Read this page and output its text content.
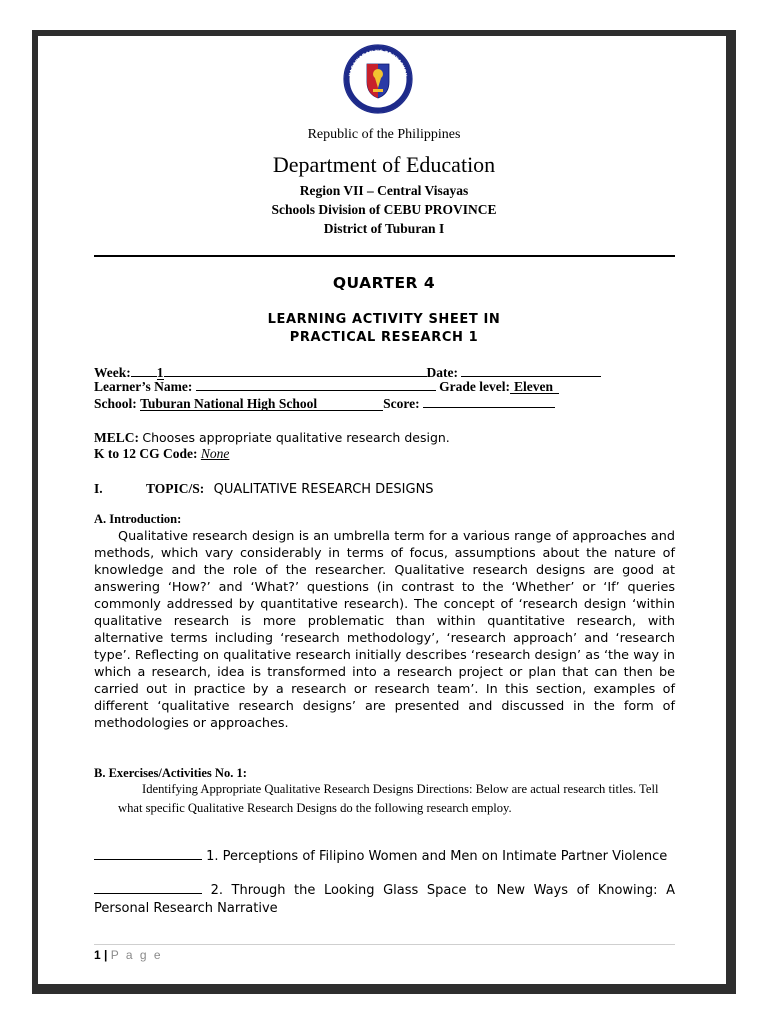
KAGAWARAN NG EDUKASYON
REPUBLIKA NG PILIPINAS
Republic of the Philippines
Department of Education
Region VII – Central Visayas
Schools Division of CEBU PROVINCE
District of Tuburan I
QUARTER 4
LEARNING ACTIVITY SHEET IN
PRACTICAL RESEARCH 1
Week: 1	Date:
Learner’s Name:	Grade level: Eleven
School: Tuburan National High School	Score:
MELC: Chooses appropriate qualitative research design.
K to 12 CG Code: None
I.	TOPIC/S: QUALITATIVE RESEARCH DESIGNS
A. Introduction:
Qualitative research design is an umbrella term for a various range of approaches and methods, which vary considerably in terms of focus, assumptions about the nature of knowledge and the role of the researcher. Qualitative research designs are good at answering ‘How?’ and ‘What?’ questions (in contrast to the ‘Whether’ or ‘If’ queries commonly addressed by quantitative research). The concept of ‘research design ‘within qualitative research is more problematic than within quantitative research, with alternative terms including ‘research methodology’, ‘research approach’ and ‘research type’. Reflecting on qualitative research initially describes ‘research design’ as ‘the way in which a research, idea is transformed into a research project or plan that can then be carried out in practice by a research or research team’. In this section, examples of different ‘qualitative research designs’ are presented and discussed in the form of methodologies or approaches.
B. Exercises/Activities No. 1:
Identifying Appropriate Qualitative Research Designs Directions: Below are actual research titles. Tell what specific Qualitative Research Designs do the following research employ.
1. Perceptions of Filipino Women and Men on Intimate Partner Violence
2. Through the Looking Glass Space to New Ways of Knowing: A Personal Research Narrative
1 | P a g e
